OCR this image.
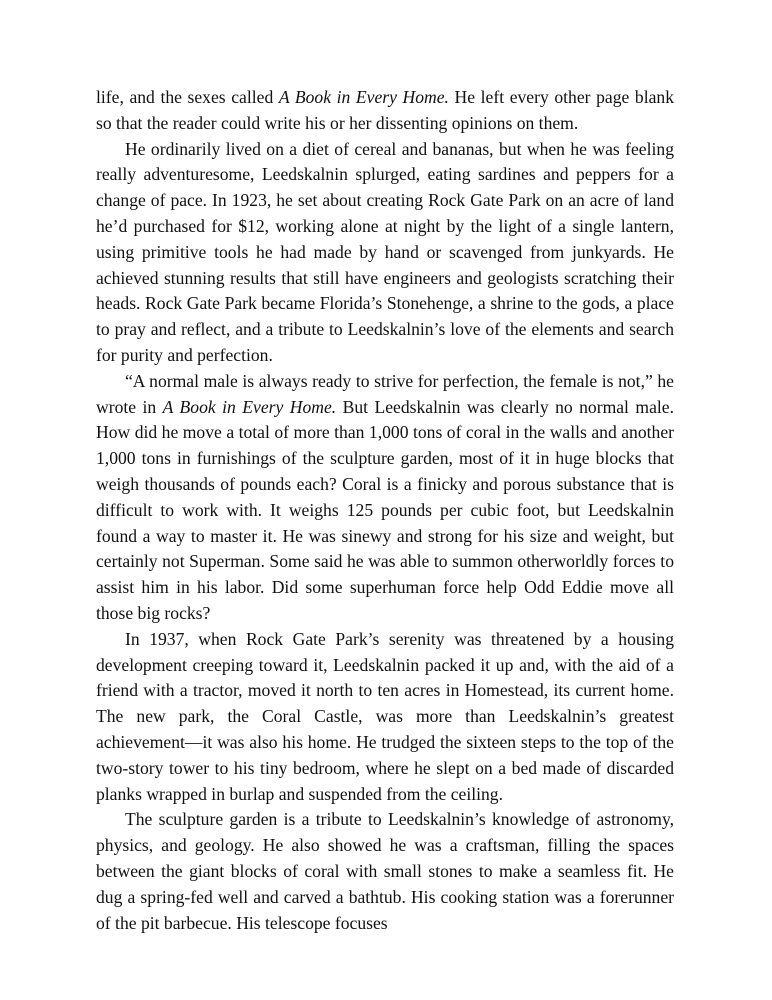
life, and the sexes called A Book in Every Home. He left every other page blank so that the reader could write his or her dissenting opinions on them.

He ordinarily lived on a diet of cereal and bananas, but when he was feeling really adventuresome, Leedskalnin splurged, eating sardines and peppers for a change of pace. In 1923, he set about creating Rock Gate Park on an acre of land he’d purchased for $12, working alone at night by the light of a single lantern, using primitive tools he had made by hand or scavenged from junkyards. He achieved stunning results that still have engineers and geologists scratching their heads. Rock Gate Park became Florida’s Stonehenge, a shrine to the gods, a place to pray and reflect, and a tribute to Leedskalnin’s love of the elements and search for purity and perfection.

“A normal male is always ready to strive for perfection, the female is not,” he wrote in A Book in Every Home. But Leedskalnin was clearly no normal male. How did he move a total of more than 1,000 tons of coral in the walls and another 1,000 tons in furnishings of the sculpture garden, most of it in huge blocks that weigh thousands of pounds each? Coral is a finicky and porous substance that is difficult to work with. It weighs 125 pounds per cubic foot, but Leedskalnin found a way to master it. He was sinewy and strong for his size and weight, but certainly not Superman. Some said he was able to summon otherworldly forces to assist him in his labor. Did some superhuman force help Odd Eddie move all those big rocks?

In 1937, when Rock Gate Park’s serenity was threatened by a housing development creeping toward it, Leedskalnin packed it up and, with the aid of a friend with a tractor, moved it north to ten acres in Homestead, its current home. The new park, the Coral Castle, was more than Leedskalnin’s greatest achievement—it was also his home. He trudged the sixteen steps to the top of the two-story tower to his tiny bedroom, where he slept on a bed made of discarded planks wrapped in burlap and suspended from the ceiling.

The sculpture garden is a tribute to Leedskalnin’s knowledge of astronomy, physics, and geology. He also showed he was a craftsman, filling the spaces between the giant blocks of coral with small stones to make a seamless fit. He dug a spring-fed well and carved a bathtub. His cooking station was a forerunner of the pit barbecue. His telescope focuses
